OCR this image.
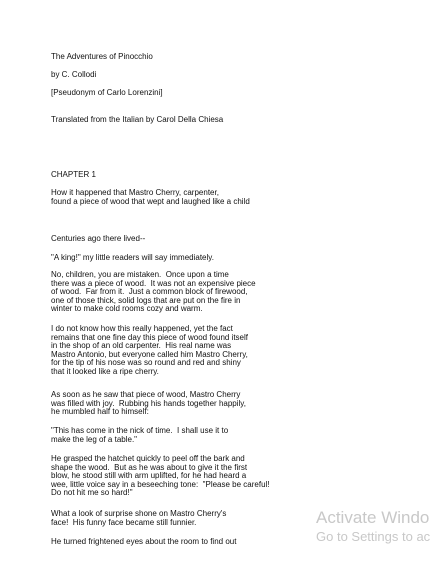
The Adventures of Pinocchio

by C. Collodi

[Pseudonym of Carlo Lorenzini]

Translated from the Italian by Carol Della Chiesa

CHAPTER 1

How it happened that Mastro Cherry, carpenter,
found a piece of wood that wept and laughed like a child

Centuries ago there lived--

"A king!" my little readers will say immediately.

No, children, you are mistaken.  Once upon a time
there was a piece of wood.  It was not an expensive piece
of wood.  Far from it.  Just a common block of firewood,
one of those thick, solid logs that are put on the fire in
winter to make cold rooms cozy and warm.

I do not know how this really happened, yet the fact
remains that one fine day this piece of wood found itself
in the shop of an old carpenter.  His real name was
Mastro Antonio, but everyone called him Mastro Cherry,
for the tip of his nose was so round and red and shiny
that it looked like a ripe cherry.

As soon as he saw that piece of wood, Mastro Cherry
was filled with joy.  Rubbing his hands together happily,
he mumbled half to himself:

"This has come in the nick of time.  I shall use it to
make the leg of a table."

He grasped the hatchet quickly to peel off the bark and
shape the wood.  But as he was about to give it the first
blow, he stood still with arm uplifted, for he had heard a
wee, little voice say in a beseeching tone:  "Please be careful!
Do not hit me so hard!"

What a look of surprise shone on Mastro Cherry's
face!  His funny face became still funnier.

He turned frightened eyes about the room to find out

Activate Windo
Go to Settings to ac
